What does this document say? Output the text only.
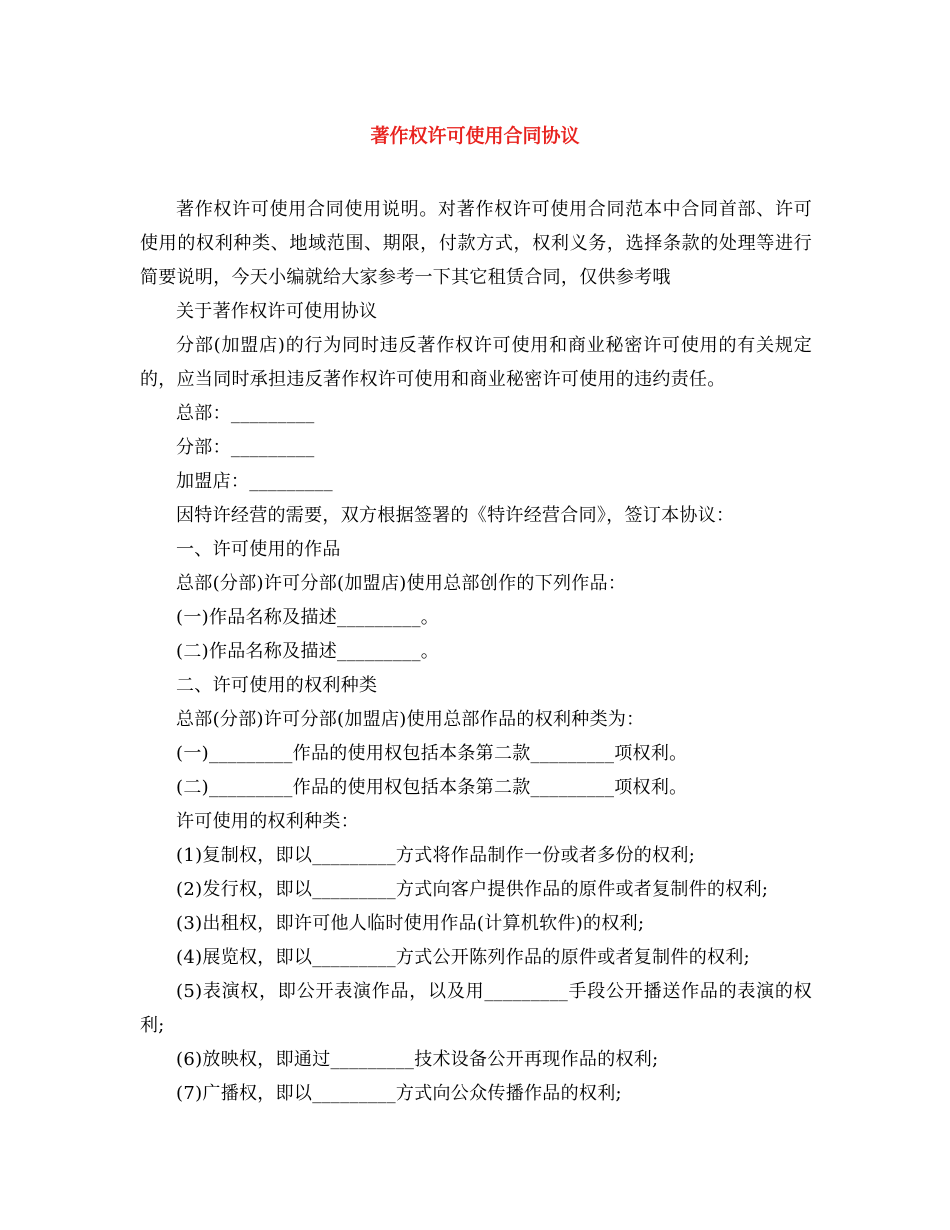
著作权许可使用合同协议

著作权许可使用合同使用说明。对著作权许可使用合同范本中合同首部、许可使用的权利种类、地域范围、期限，付款方式，权利义务，选择条款的处理等进行简要说明，今天小编就给大家参考一下其它租赁合同，仅供参考哦

关于著作权许可使用协议

分部(加盟店)的行为同时违反著作权许可使用和商业秘密许可使用的有关规定的，应当同时承担违反著作权许可使用和商业秘密许可使用的违约责任。

总部：_________

分部：_________

加盟店：_________

因特许经营的需要，双方根据签署的《特许经营合同》，签订本协议：

一、许可使用的作品

总部(分部)许可分部(加盟店)使用总部创作的下列作品：

(一)作品名称及描述_________。

(二)作品名称及描述_________。

二、许可使用的权利种类

总部(分部)许可分部(加盟店)使用总部作品的权利种类为：

(一)_________作品的使用权包括本条第二款_________项权利。

(二)_________作品的使用权包括本条第二款_________项权利。

许可使用的权利种类：

(1)复制权，即以_________方式将作品制作一份或者多份的权利;

(2)发行权，即以_________方式向客户提供作品的原件或者复制件的权利;

(3)出租权，即许可他人临时使用作品(计算机软件)的权利;

(4)展览权，即以_________方式公开陈列作品的原件或者复制件的权利;

(5)表演权，即公开表演作品，以及用_________手段公开播送作品的表演的权利;

(6)放映权，即通过_________技术设备公开再现作品的权利;

(7)广播权，即以_________方式向公众传播作品的权利;
